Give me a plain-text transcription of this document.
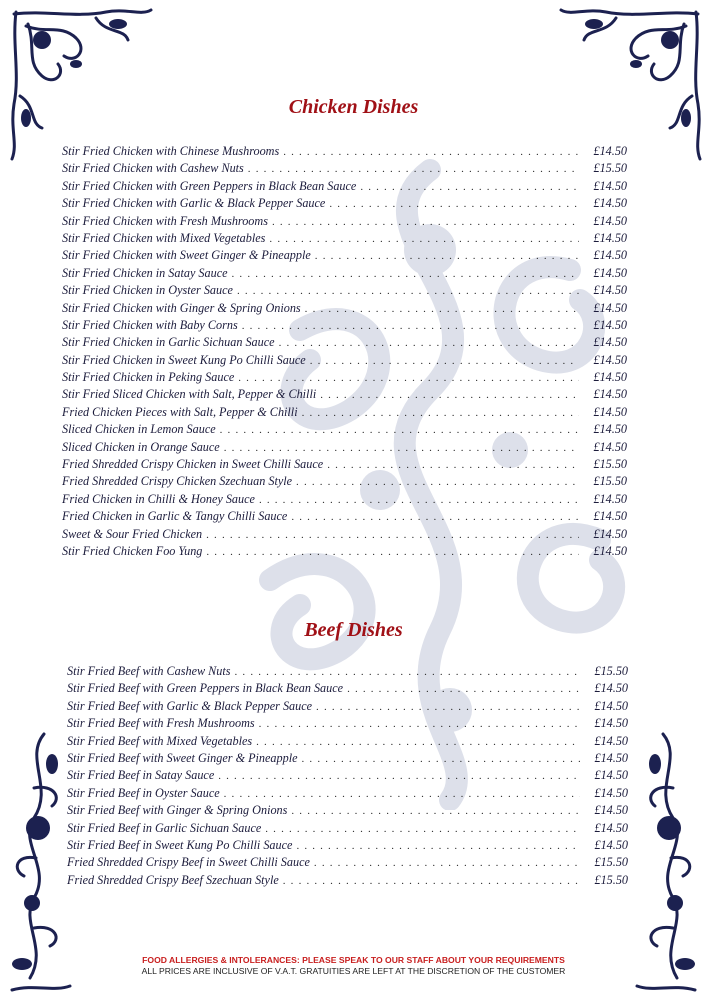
Chicken Dishes
Stir Fried Chicken with Chinese Mushrooms . . .	£14.50
Stir Fried Chicken with Cashew Nuts . . .	£15.50
Stir Fried Chicken with Green Peppers in Black Bean Sauce . . .	£14.50
Stir Fried Chicken with Garlic & Black Pepper Sauce . . .	£14.50
Stir Fried Chicken with Fresh Mushrooms . . .	£14.50
Stir Fried Chicken with Mixed Vegetables . . .	£14.50
Stir Fried Chicken with Sweet Ginger & Pineapple . . .	£14.50
Stir Fried Chicken in Satay Sauce . . .	£14.50
Stir Fried Chicken in Oyster Sauce . . .	£14.50
Stir Fried Chicken with Ginger & Spring Onions . . .	£14.50
Stir Fried Chicken with Baby Corns . . .	£14.50
Stir Fried Chicken in Garlic Sichuan Sauce . . .	£14.50
Stir Fried Chicken in Sweet Kung Po Chilli Sauce . . .	£14.50
Stir Fried Chicken in Peking Sauce . . .	£14.50
Stir Fried Sliced Chicken with Salt, Pepper & Chilli . . .	£14.50
Fried Chicken Pieces with Salt, Pepper & Chilli . . .	£14.50
Sliced Chicken in Lemon Sauce . . .	£14.50
Sliced Chicken in Orange Sauce . . .	£14.50
Fried Shredded Crispy Chicken in Sweet Chilli Sauce . . .	£15.50
Fried Shredded Crispy Chicken Szechuan Style . . .	£15.50
Fried Chicken in Chilli & Honey Sauce . . .	£14.50
Fried Chicken in Garlic & Tangy Chilli Sauce . . .	£14.50
Sweet & Sour Fried Chicken . . .	£14.50
Stir Fried Chicken Foo Yung . . .	£14.50
Beef Dishes
Stir Fried Beef with Cashew Nuts . . .	£15.50
Stir Fried Beef with Green Peppers in Black Bean Sauce . . .	£14.50
Stir Fried Beef with Garlic & Black Pepper Sauce . . .	£14.50
Stir Fried Beef with Fresh Mushrooms . . .	£14.50
Stir Fried Beef with Mixed Vegetables . . .	£14.50
Stir Fried Beef with Sweet Ginger & Pineapple . . .	£14.50
Stir Fried Beef in Satay Sauce . . .	£14.50
Stir Fried Beef in Oyster Sauce . . .	£14.50
Stir Fried Beef with Ginger & Spring Onions . . .	£14.50
Stir Fried Beef in Garlic Sichuan Sauce . . .	£14.50
Stir Fried Beef in Sweet Kung Po Chilli Sauce . . .	£14.50
Fried Shredded Crispy Beef in Sweet Chilli Sauce . . .	£15.50
Fried Shredded Crispy Beef Szechuan Style . . .	£15.50

FOOD ALLERGIES & INTOLERANCES: PLEASE SPEAK TO OUR STAFF ABOUT YOUR REQUIREMENTS

ALL PRICES ARE INCLUSIVE OF V.A.T. GRATUITIES ARE LEFT AT THE DISCRETION OF THE CUSTOMER
